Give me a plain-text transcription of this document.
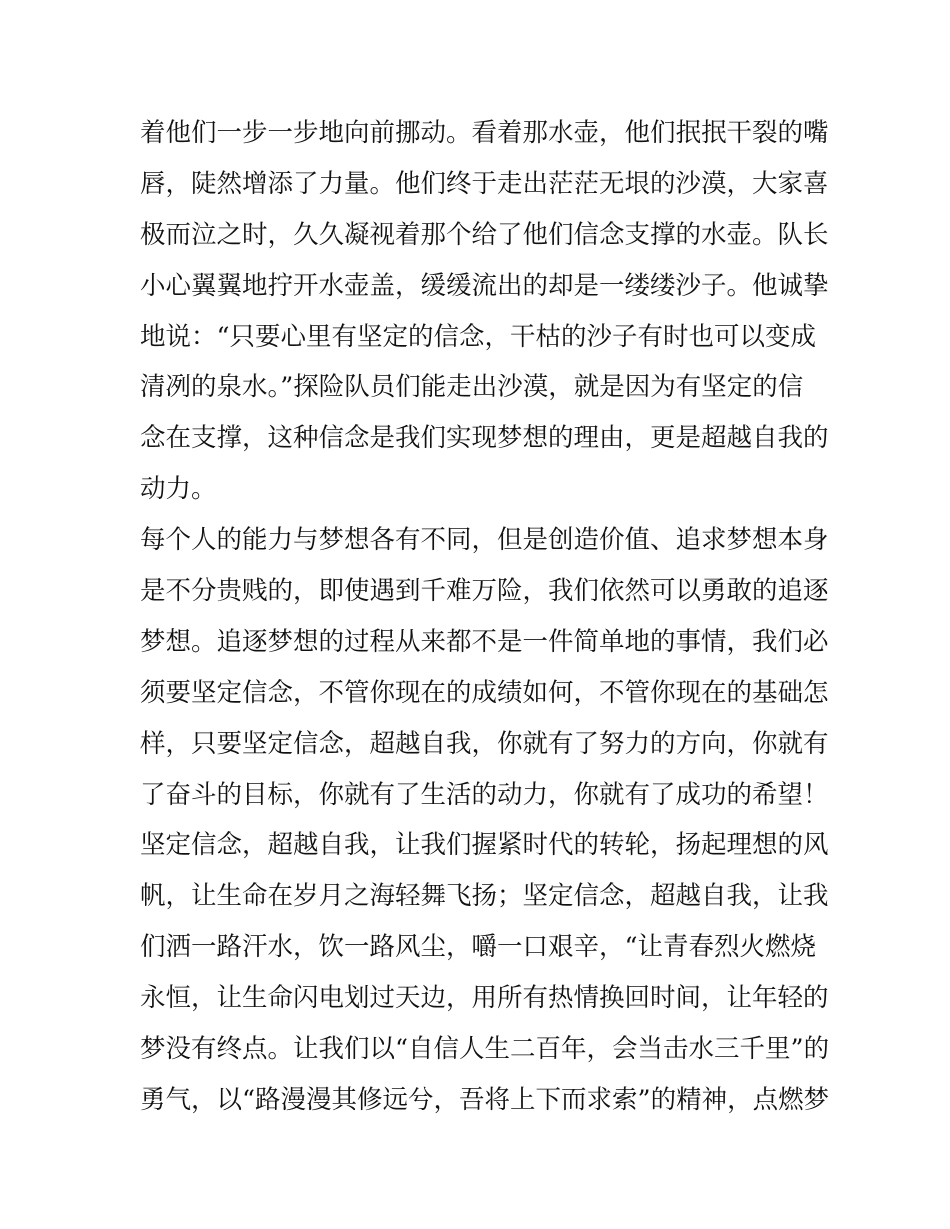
着他们一步一步地向前挪动。看着那水壶，他们抿抿干裂的嘴
唇，陡然增添了力量。他们终于走出茫茫无垠的沙漠，大家喜
极而泣之时，久久凝视着那个给了他们信念支撑的水壶。队长
小心翼翼地拧开水壶盖，缓缓流出的却是一缕缕沙子。他诚挚
地说：“只要心里有坚定的信念，干枯的沙子有时也可以变成
清冽的泉水。”探险队员们能走出沙漠，就是因为有坚定的信
念在支撑，这种信念是我们实现梦想的理由，更是超越自我的
动力。
每个人的能力与梦想各有不同，但是创造价值、追求梦想本身
是不分贵贱的，即使遇到千难万险，我们依然可以勇敢的追逐
梦想。追逐梦想的过程从来都不是一件简单地的事情，我们必
须要坚定信念，不管你现在的成绩如何，不管你现在的基础怎
样，只要坚定信念，超越自我，你就有了努力的方向，你就有
了奋斗的目标，你就有了生活的动力，你就有了成功的希望！
坚定信念，超越自我，让我们握紧时代的转轮，扬起理想的风
帆，让生命在岁月之海轻舞飞扬；坚定信念，超越自我，让我
们洒一路汗水，饮一路风尘，嚼一口艰辛，“让青春烈火燃烧
永恒，让生命闪电划过天边，用所有热情换回时间，让年轻的
梦没有终点。让我们以“自信人生二百年，会当击水三千里”的
勇气，以“路漫漫其修远兮，吾将上下而求索”的精神，点燃梦
